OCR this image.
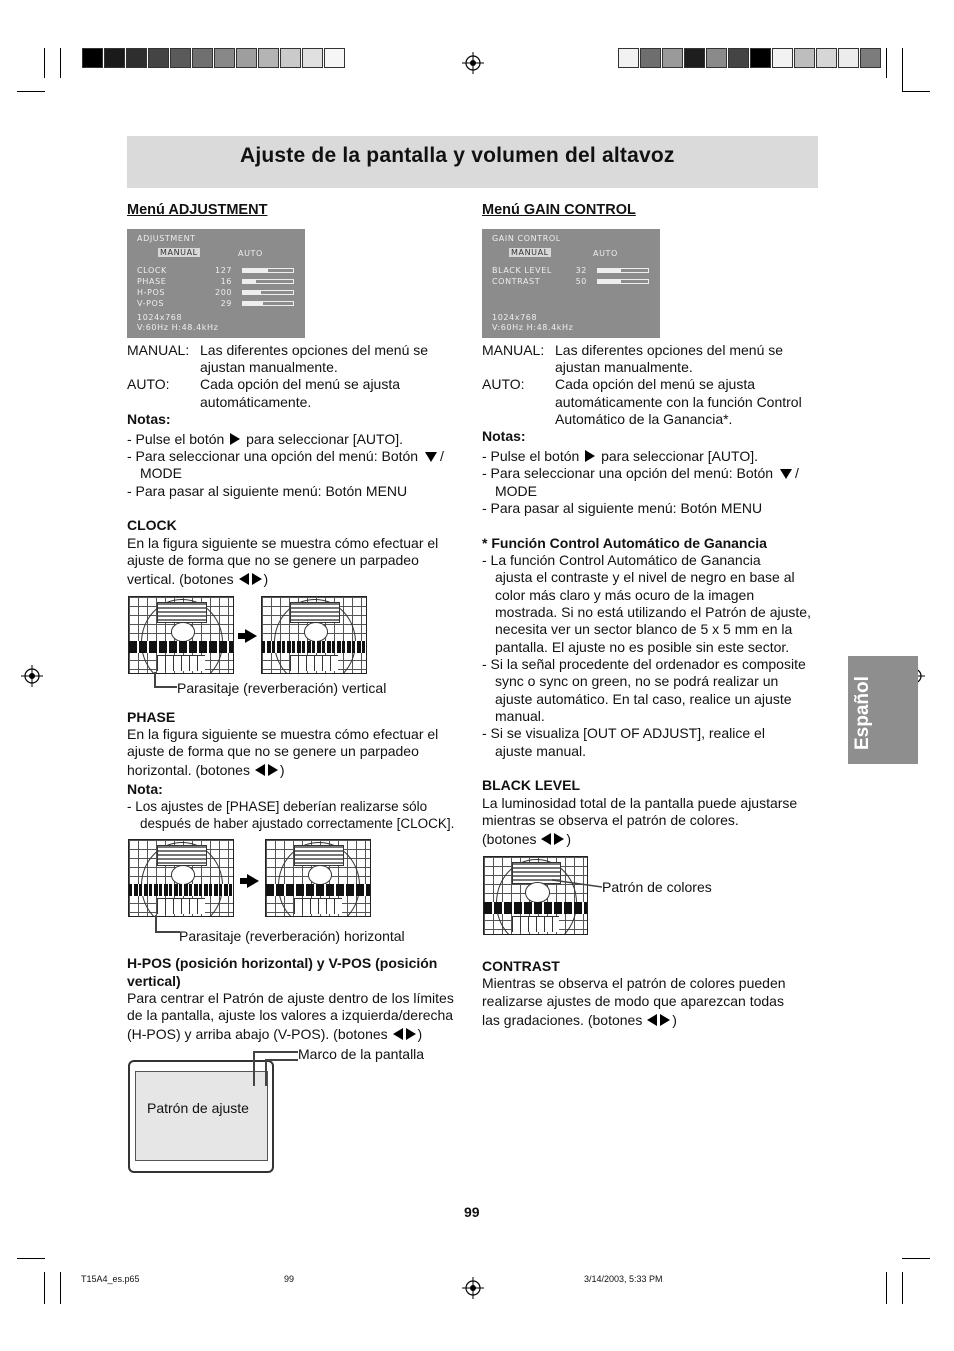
Ajuste de la pantalla y volumen del altavoz
Español
Menú ADJUSTMENT
ADJUSTMENT
MANUAL	AUTO
CLOCK	127
PHASE	16
H-POS	200
V-POS	29
1024x768
V:60Hz H:48.4kHz
MANUAL: Las diferentes opciones del menú se
ajustan manualmente.
AUTO: Cada opción del menú se ajusta
automáticamente.
Notas:
- Pulse el botón para seleccionar [AUTO].
- Para seleccionar una opción del menú: Botón /
MODE
- Para pasar al siguiente menú: Botón MENU
CLOCK
En la figura siguiente se muestra cómo efectuar el
ajuste de forma que no se genere un parpadeo
vertical. (botones )
Parasitaje (reverberación) vertical
PHASE
En la figura siguiente se muestra cómo efectuar el
ajuste de forma que no se genere un parpadeo
horizontal. (botones )
Nota:
- Los ajustes de [PHASE] deberían realizarse sólo
después de haber ajustado correctamente [CLOCK].
Parasitaje (reverberación) horizontal
H-POS (posición horizontal) y V-POS (posición
vertical)
Para centrar el Patrón de ajuste dentro de los límites
de la pantalla, ajuste los valores a izquierda/derecha
(H-POS) y arriba abajo (V-POS). (botones )
Marco de la pantalla
Patrón de ajuste
Menú GAIN CONTROL
GAIN CONTROL
MANUAL	AUTO
BLACK LEVEL	32
CONTRAST	50
1024x768
V:60Hz H:48.4kHz
MANUAL: Las diferentes opciones del menú se
ajustan manualmente.
AUTO: Cada opción del menú se ajusta
automáticamente con la función Control
Automático de la Ganancia*.
Notas:
- Pulse el botón para seleccionar [AUTO].
- Para seleccionar una opción del menú: Botón /
MODE
- Para pasar al siguiente menú: Botón MENU
* Función Control Automático de Ganancia
- La función Control Automático de Ganancia
ajusta el contraste y el nivel de negro en base al
color más claro y más ocuro de la imagen
mostrada. Si no está utilizando el Patrón de ajuste,
necesita ver un sector blanco de 5 x 5 mm en la
pantalla. El ajuste no es posible sin este sector.
- Si la señal procedente del ordenador es composite
sync o sync on green, no se podrá realizar un
ajuste automático. En tal caso, realice un ajuste
manual.
- Si se visualiza [OUT OF ADJUST], realice el
ajuste manual.
BLACK LEVEL
La luminosidad total de la pantalla puede ajustarse
mientras se observa el patrón de colores.
(botones )
Patrón de colores
CONTRAST
Mientras se observa el patrón de colores pueden
realizarse ajustes de modo que aparezcan todas
las gradaciones. (botones )
99
T15A4_es.p65	99	3/14/2003, 5:33 PM
